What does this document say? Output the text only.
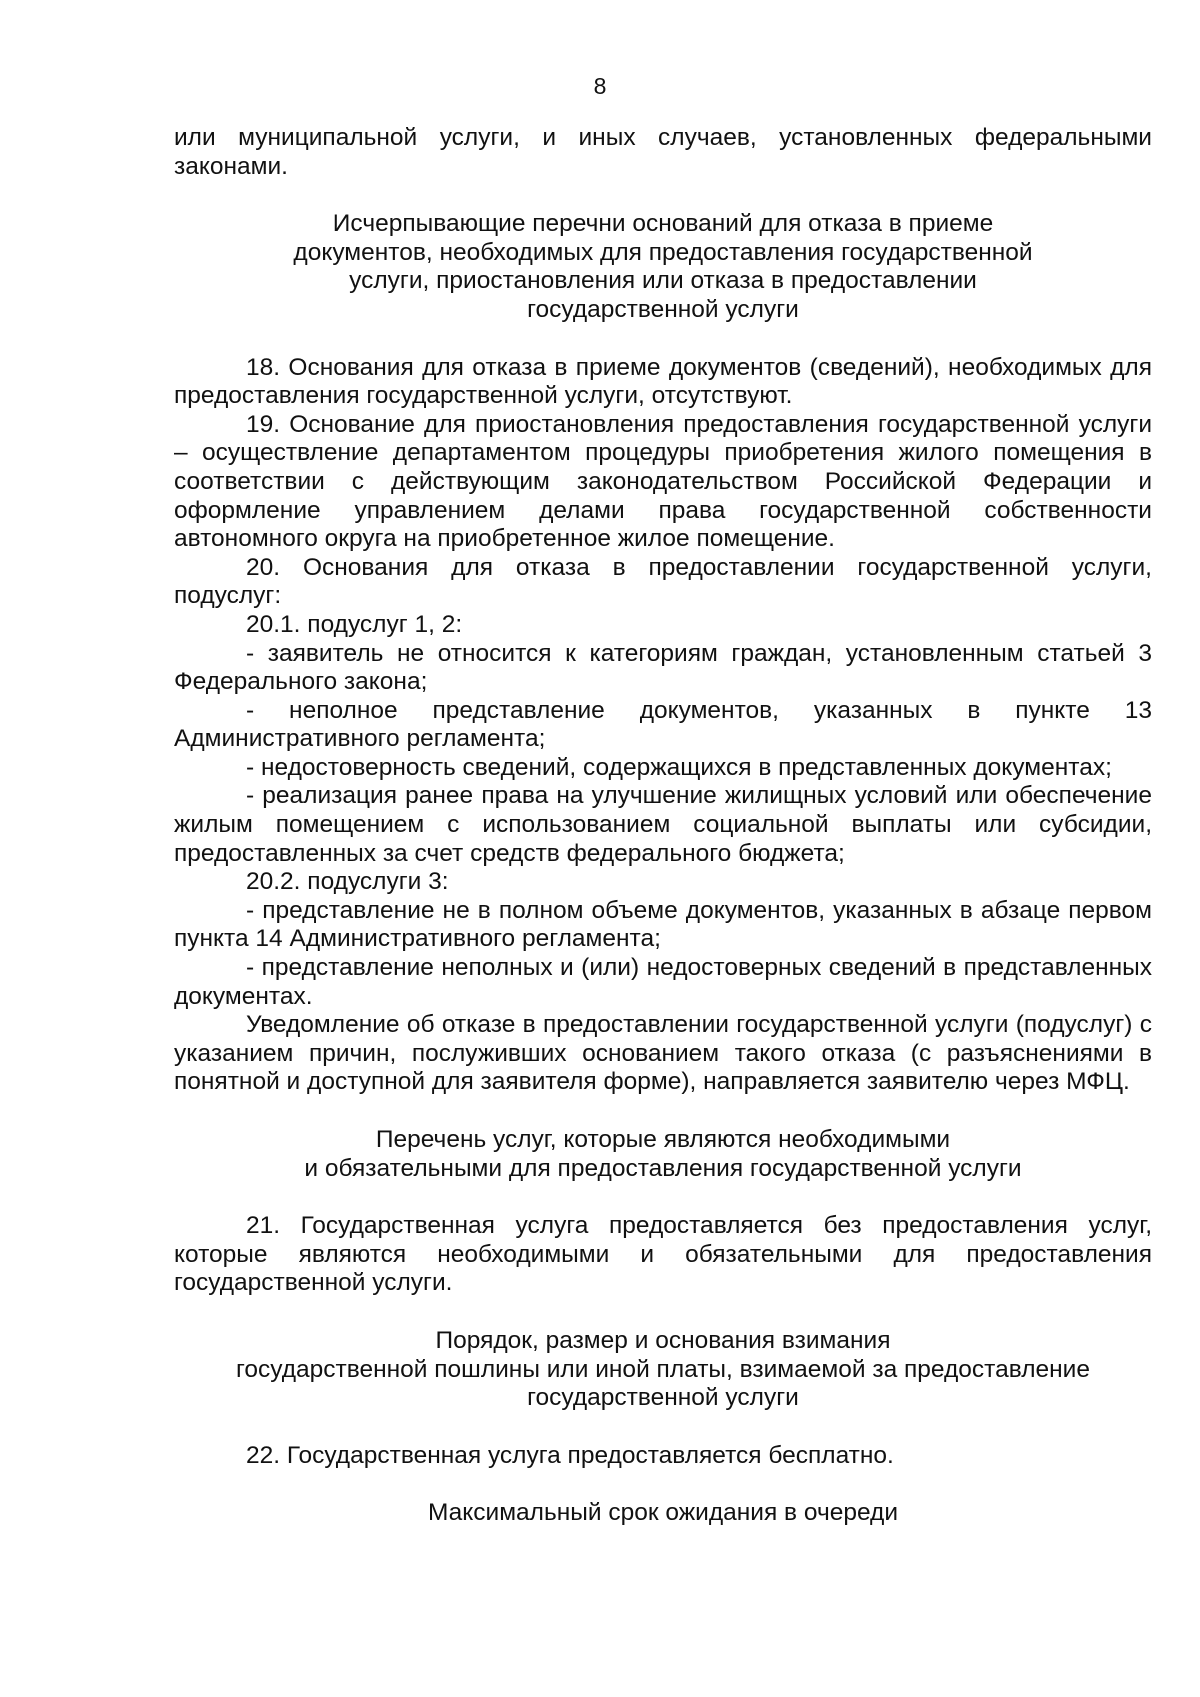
8

или муниципальной услуги, и иных случаев, установленных федеральными законами.

Исчерпывающие перечни оснований для отказа в приеме
документов, необходимых для предоставления государственной
услуги, приостановления или отказа в предоставлении
государственной услуги

18. Основания для отказа в приеме документов (сведений), необходимых для предоставления государственной услуги, отсутствуют.

19. Основание для приостановления предоставления государственной услуги – осуществление департаментом процедуры приобретения жилого помещения в соответствии с действующим законодательством Российской Федерации и оформление управлением делами права государственной собственности автономного округа на приобретенное жилое помещение.

20. Основания для отказа в предоставлении государственной услуги, подуслуг:

20.1. подуслуг 1, 2:

- заявитель не относится к категориям граждан, установленным статьей 3 Федерального закона;

- неполное представление документов, указанных в пункте 13 Административного регламента;

- недостоверность сведений, содержащихся в представленных документах;

- реализация ранее права на улучшение жилищных условий или обеспечение жилым помещением с использованием социальной выплаты или субсидии, предоставленных за счет средств федерального бюджета;

20.2. подуслуги 3:

- представление не в полном объеме документов, указанных в абзаце первом пункта 14 Административного регламента;

- представление неполных и (или) недостоверных сведений в представленных документах.

Уведомление об отказе в предоставлении государственной услуги (подуслуг) с указанием причин, послуживших основанием такого отказа (с разъяснениями в понятной и доступной для заявителя форме), направляется заявителю через МФЦ.

Перечень услуг, которые являются необходимыми
и обязательными для предоставления государственной услуги

21. Государственная услуга предоставляется без предоставления услуг, которые являются необходимыми и обязательными для предоставления государственной услуги.

Порядок, размер и основания взимания
государственной пошлины или иной платы, взимаемой за предоставление
государственной услуги

22. Государственная услуга предоставляется бесплатно.

Максимальный срок ожидания в очереди
